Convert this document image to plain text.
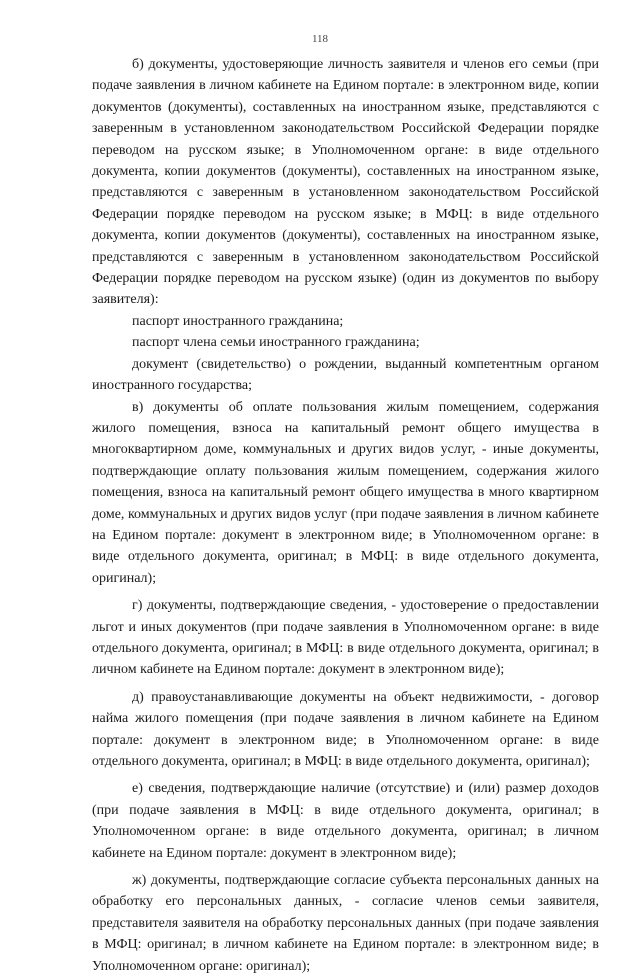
118

б) документы, удостоверяющие личность заявителя и членов его семьи (при подаче заявления в личном кабинете на Едином портале: в электронном виде, копии документов (документы), составленных на иностранном языке, представляются с заверенным в установленном законодательством Российской Федерации порядке переводом на русском языке; в Уполномоченном органе: в виде отдельного документа, копии документов (документы), составленных на иностранном языке, представляются с заверенным в установленном законодательством Российской Федерации порядке переводом на русском языке; в МФЦ: в виде отдельного документа, копии документов (документы), составленных на иностранном языке, представляются с заверенным в установленном законодательством Российской Федерации порядке переводом на русском языке) (один из документов по выбору заявителя):

паспорт иностранного гражданина;

паспорт члена семьи иностранного гражданина;

документ (свидетельство) о рождении, выданный компетентным органом иностранного государства;

в) документы об оплате пользования жилым помещением, содержания жилого помещения, взноса на капитальный ремонт общего имущества в многоквартирном доме, коммунальных и других видов услуг, - иные документы, подтверждающие оплату пользования жилым помещением, содержания жилого помещения, взноса на капитальный ремонт общего имущества в много квартирном доме, коммунальных и других видов услуг (при подаче заявления в личном кабинете на Едином портале: документ в электронном виде; в Уполномоченном органе: в виде отдельного документа, оригинал; в МФЦ: в виде отдельного документа, оригинал);

г) документы, подтверждающие сведения, - удостоверение о предоставлении льгот и иных документов (при подаче заявления в Уполномоченном органе: в виде отдельного документа, оригинал; в МФЦ: в виде отдельного документа, оригинал; в личном кабинете на Едином портале: документ в электронном виде);

д) правоустанавливающие документы на объект недвижимости, - договор найма жилого помещения (при подаче заявления в личном кабинете на Едином портале: документ в электронном виде; в Уполномоченном органе: в виде отдельного документа, оригинал; в МФЦ: в виде отдельного документа, оригинал);

е) сведения, подтверждающие наличие (отсутствие) и (или) размер доходов (при подаче заявления в МФЦ: в виде отдельного документа, оригинал; в Уполномоченном органе: в виде отдельного документа, оригинал; в личном кабинете на Едином портале: документ в электронном виде);

ж) документы, подтверждающие согласие субъекта персональных данных на обработку его персональных данных, - согласие членов семьи заявителя, представителя заявителя на обработку персональных данных (при подаче заявления в МФЦ: оригинал; в личном кабинете на Едином портале: в электронном виде; в Уполномоченном органе: оригинал);
